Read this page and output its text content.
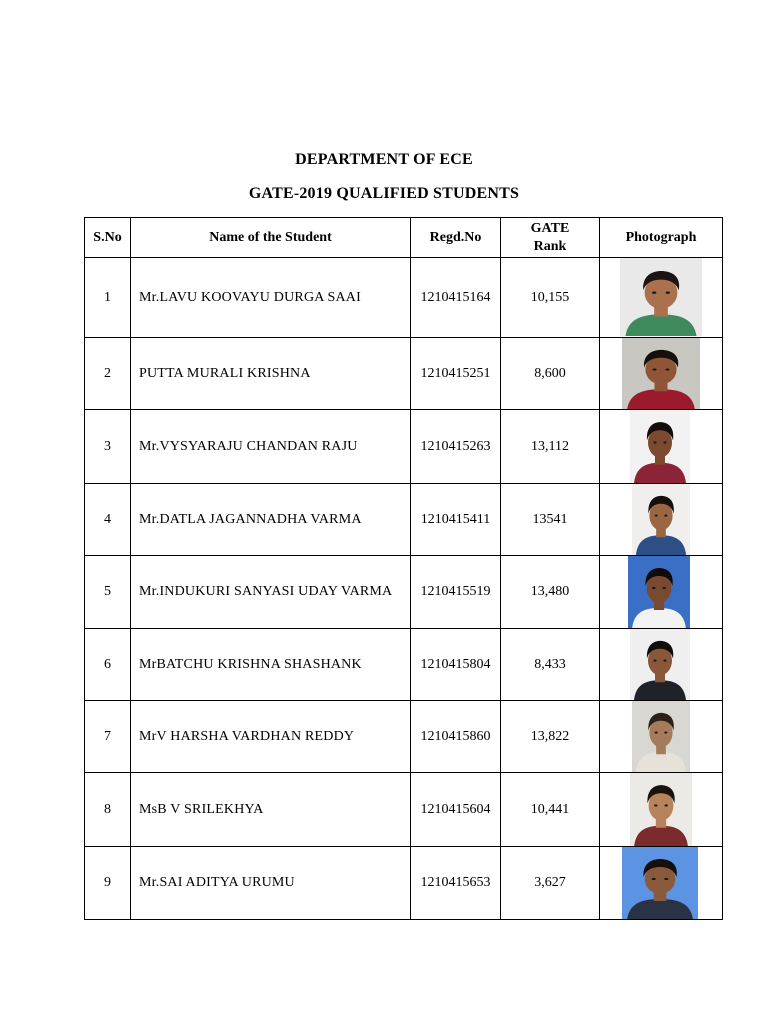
DEPARTMENT OF ECE
GATE-2019 QUALIFIED STUDENTS
S.No	Name of the Student	Regd.No	GATE Rank	Photograph
1	Mr.LAVU KOOVAYU DURGA SAAI	1210415164	10,155	

2	PUTTA MURALI KRISHNA	1210415251	8,600	

3	Mr.VYSYARAJU CHANDAN RAJU	1210415263	13,112	

4	Mr.DATLA JAGANNADHA VARMA	1210415411	13541	

5	Mr.INDUKURI SANYASI UDAY VARMA	1210415519	13,480	

6	MrBATCHU KRISHNA SHASHANK	1210415804	8,433	

7	MrV HARSHA VARDHAN REDDY	1210415860	13,822	

8	MsB V SRILEKHYA	1210415604	10,441	

9	Mr.SAI ADITYA URUMU	1210415653	3,627	
